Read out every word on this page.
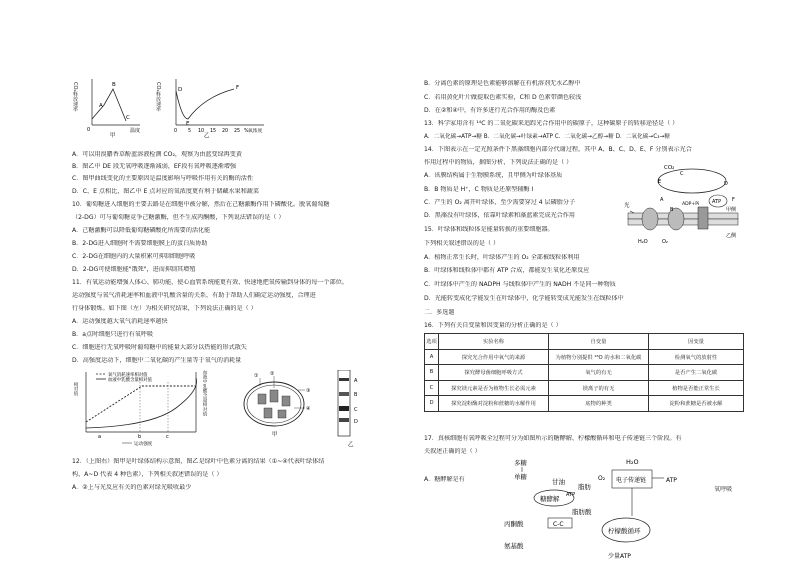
A
B
C
0	温度
甲
CO₂释放速率	D
E
F
0 5 10 15 20 25 % 氧浓度
乙
CO₂释放速率
A．可以用溴麝香草酚蓝溶液检测 CO₂，观察为由蓝变绿再变黄
B．图乙中 DE 段无氧呼吸逐渐减弱，EF段有氧呼吸逐渐增强
C．图甲曲线变化的主要原因是温度影响与呼吸作用有关的酶的活性
D．C、E 点相比，图乙中 E 点对应的氧浓度更有利于储藏水果和蔬菜
10．葡萄糖进入细胞的主要去路是在细胞中被分解，然后在己糖激酶作用下磷酸化。脱氧葡萄糖
（2-DG）可与葡萄糖竞争己糖激酶，但不生成丙酮酸，下列说法错误的是（ ）
A．己糖激酶可以降低葡萄糖磷酸化所需要的活化能
B．2-DG进入细胞时不需要细胞膜上的蛋白质协助
C．2-DG在细胞内的大量积累可抑制细胞呼吸
D．2-DG可使细胞能"饿死"，进而抑制其增殖
11．有氧运动能增强人体心、肺功能，使心血管系统能更有效、快速地把氧传输到身体的每一个部位。
运动强度与氧气消耗速率和血液中乳酸含量的关系，有助于帮助人们确定运动强度，合理进
行身体锻炼。如下图（左）为相关研究结果，下列说法正确的是（ ）
A．运动强度越大氧气消耗速率越快
B．a点时细胞只进行有氧呼吸
C．细胞进行无氧呼吸时葡萄糖中的能量大部分以热能的形式散失
D．高强度运动下，细胞中二氧化碳的产生量等于氧气的消耗量
氧气消耗速率相对值
血液中乳酸含量相对值
a	b	c
运动强度
相对值	血液中乳酸含量相对值	① ②
③
④
甲
A
B
C
D
乙
12．（上图右）图甲是叶绿体结构示意图，图乙是绿叶中色素分离的结果（①~④代表叶绿体结
构，A~D 代表 4 种色素），下列相关叙述错误的是（ ）
A．②上与光反应有关的色素对绿光吸收最少
B．分离色素的原理是色素能够溶解在有机溶剂无水乙醇中
C．若用黄化叶片做提取色素实验，C和 D 色素带颜色较浅
D．在②和④中，有许多进行光合作用的酶及色素
13．科学家用含有 ¹⁴C 的二氧化碳来追踪光合作用中的碳原子，这种碳原子的转移途径是（ ）
A．二氧化碳→ATP→糖 B．二氧化碳→叶绿素→ATP C．二氧化碳→乙醇→糖 D．二氧化碳→C₃→糖
14．下图表示在一定光照条件下黑藻细胞内部分代谢过程，其中 A、B、C、D、E、F 分别表示光合
作用过程中的物质，据图分析，下列说法正确的是（ ）
A．该膜结构属于生物膜系统，且甲侧为叶绿体基质
B．B 物质是 H⁺，C 物质是还原型辅酶 I
C．产生的 O₂ 离开叶绿体，至少需要穿过 4 层磷脂分子
D．黑藻没有叶绿体，依靠叶绿素和藻蓝素完成光合作用
15．叶绿体和线粒体是能量转换的重要细胞器。
下列相关叙述错误的是（ ）
A．植物正常生长时，叶绿体产生的 O₂ 全部被线粒体利用
B．叶绿体和线粒体中都有 ATP 合成，都能发生氧化还原反应
C．叶绿体中产生的 NADPH 与线粒体中产生的 NADH 不是同一种物质
D．光能转变成化学能发生在叶绿体中，化学能转变成光能发生在线粒体中
二．多选题
16．下列有关自变量和因变量的分析正确的是（ ）
CO₂
C
E
光
ATP
ADP+Pi
A
B
D
F
H₂O	O₂
甲侧
乙侧
选项	实验名称	自变量	因变量
A	探究光合作用中氧气的来源	为植物分别提供 ¹⁸O 的水和二氧化碳	检测氧气的放射性
B	探究酵母菌细胞呼吸方式	氧气的有无	是否产生二氧化碳
C	探究镁元素是否为植物生长必需元素	镁离子的有无	植物是否能正常生长
D	探究淀粉酶对淀粉和蔗糖的水解作用	底物的种类	淀粉和蔗糖是否被水解
17．真核细胞有氧呼吸全过程可分为如图所示的糖酵解、柠檬酸循环和电子传递链三个阶段。有
关叙述正确的是（ ）
A．糖酵解是有
氧呼吸
多糖
单糖
甘油
脂肪
糖酵解 ATP
脂肪酸
丙酮酸	C-C
氨基酸
柠檬酸循环
少量ATP
电子传递链
H₂O
O₂	ATP
